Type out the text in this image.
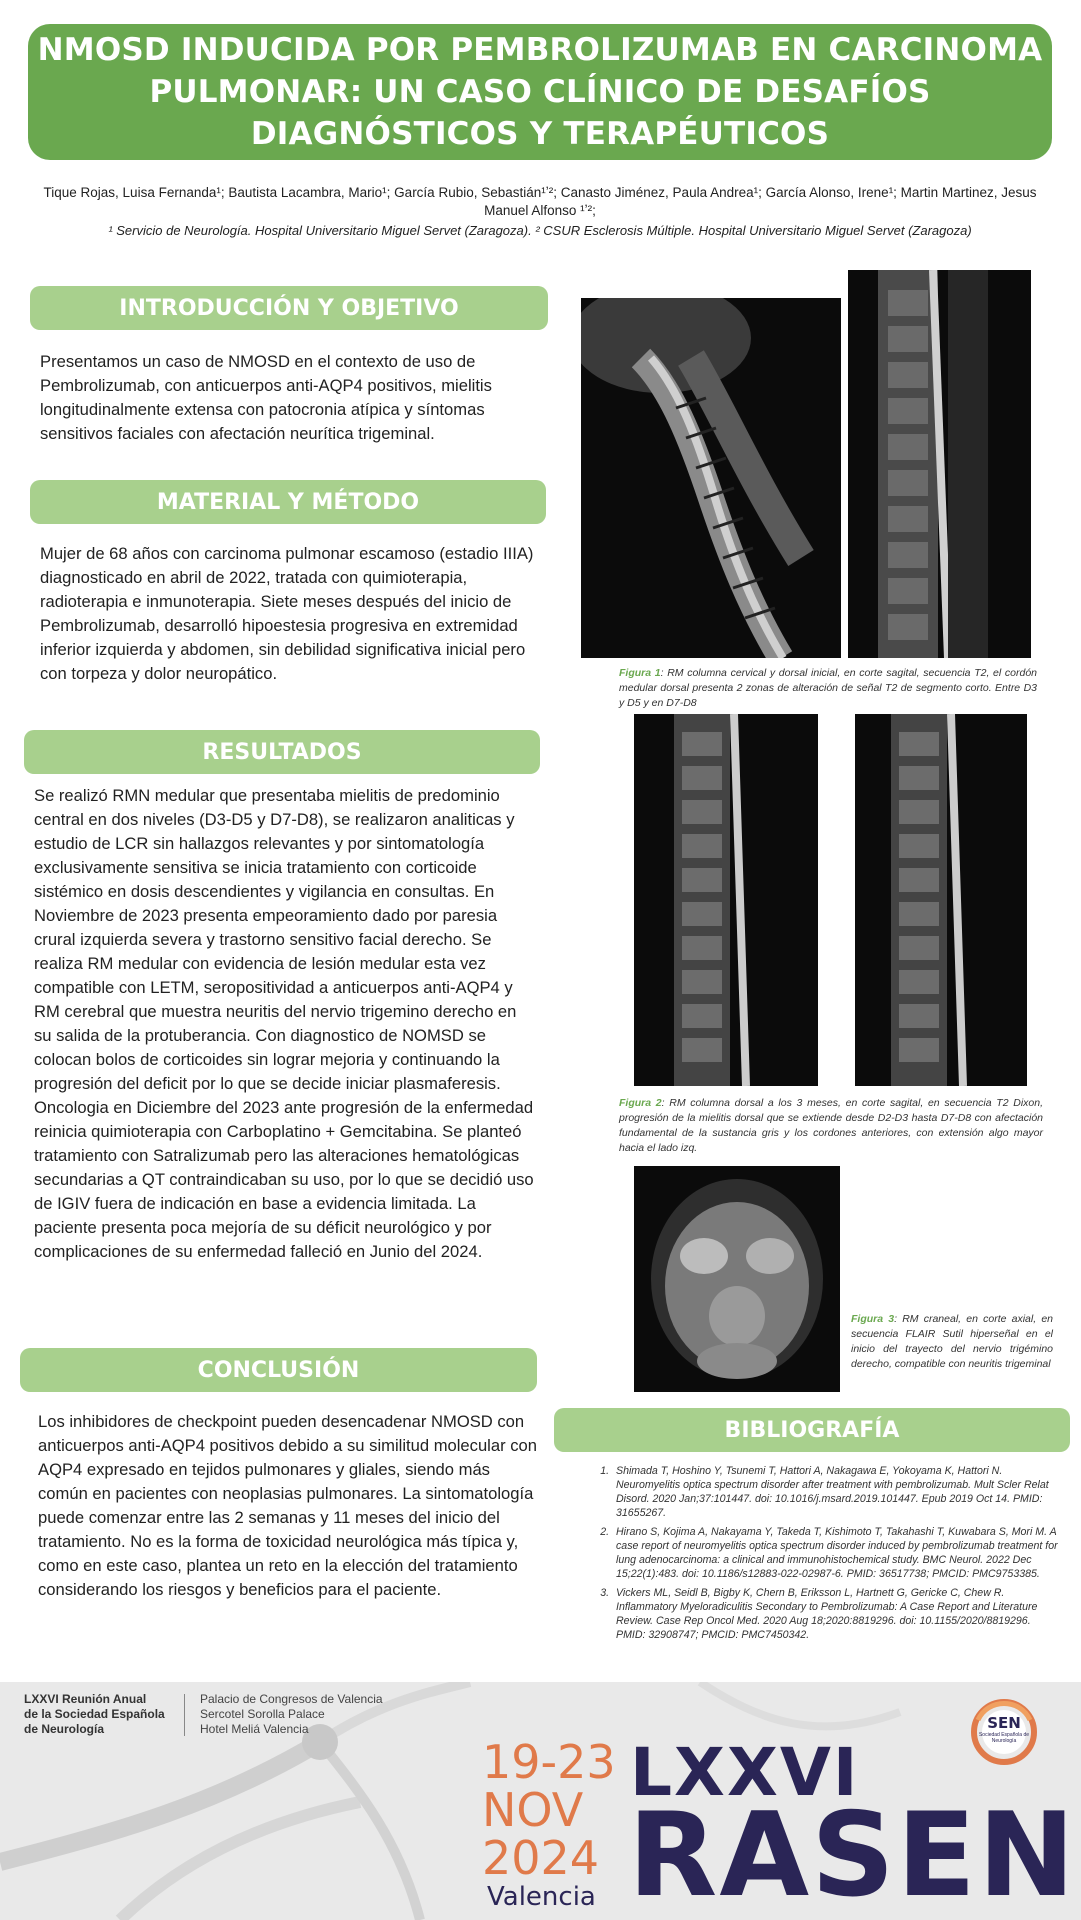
NMOSD INDUCIDA POR PEMBROLIZUMAB EN CARCINOMA PULMONAR: UN CASO CLÍNICO DE DESAFÍOS DIAGNÓSTICOS Y TERAPÉUTICOS
Tique Rojas, Luisa Fernanda¹; Bautista Lacambra, Mario¹; García Rubio, Sebastián¹ʼ²; Canasto Jiménez, Paula Andrea¹; García Alonso, Irene¹; Martin Martinez, Jesus Manuel Alfonso ¹ʼ²;
¹ Servicio de Neurología. Hospital Universitario Miguel Servet (Zaragoza). ² CSUR Esclerosis Múltiple. Hospital Universitario Miguel Servet (Zaragoza)
INTRODUCCIÓN Y OBJETIVO
Presentamos un caso de NMOSD en el contexto de uso de Pembrolizumab, con anticuerpos anti-AQP4 positivos, mielitis longitudinalmente extensa con patocronia atípica y síntomas sensitivos faciales con afectación neurítica trigeminal.
MATERIAL Y MÉTODO
Mujer de 68 años con carcinoma pulmonar escamoso (estadio IIIA) diagnosticado en abril de 2022, tratada con quimioterapia, radioterapia e inmunoterapia. Siete meses después del inicio de Pembrolizumab, desarrolló hipoestesia progresiva en extremidad inferior izquierda y abdomen, sin debilidad significativa inicial pero con torpeza y dolor neuropático.
RESULTADOS
Se realizó RMN medular que presentaba mielitis de predominio central en dos niveles (D3-D5 y D7-D8), se realizaron analiticas y estudio de LCR sin hallazgos relevantes y por sintomatología exclusivamente sensitiva se inicia tratamiento con corticoide sistémico en dosis descendientes y vigilancia en consultas. En Noviembre de 2023 presenta empeoramiento dado por paresia crural izquierda severa y trastorno sensitivo facial derecho. Se realiza RM medular con evidencia de lesión medular esta vez compatible con LETM, seropositividad a anticuerpos anti-AQP4 y RM cerebral que muestra neuritis del nervio trigemino derecho en su salida de la protuberancia. Con diagnostico de NOMSD se colocan bolos de corticoides sin lograr mejoria y continuando la progresión del deficit por lo que se decide iniciar plasmaferesis. Oncologia en Diciembre del 2023 ante progresión de la enfermedad reinicia quimioterapia con Carboplatino + Gemcitabina. Se planteó tratamiento con Satralizumab pero las alteraciones hematológicas secundarias a QT contraindicaban su uso, por lo que se decidió uso de IGIV fuera de indicación en base a evidencia limitada. La paciente presenta poca mejoría de su déficit neurológico y por complicaciones de su enfermedad falleció en Junio del 2024.
CONCLUSIÓN
Los inhibidores de checkpoint pueden desencadenar NMOSD con anticuerpos anti-AQP4 positivos debido a su similitud molecular con AQP4 expresado en tejidos pulmonares y gliales, siendo más común en pacientes con neoplasias pulmonares. La sintomatología puede comenzar entre las 2 semanas y 11 meses del inicio del tratamiento. No es la forma de toxicidad neurológica más típica y, como en este caso, plantea un reto en la elección del tratamiento considerando los riesgos y beneficios para el paciente.
Figura 1: RM columna cervical y dorsal inicial, en corte sagital, secuencia T2, el cordón medular dorsal presenta 2 zonas de alteración de señal T2 de segmento corto. Entre D3 y D5 y en D7-D8
Figura 2: RM columna dorsal a los 3 meses, en corte sagital, en secuencia T2 Dixon, progresión de la mielitis dorsal que se extiende desde D2-D3 hasta D7-D8 con afectación fundamental de la sustancia gris y los cordones anteriores, con extensión algo mayor hacia el lado izq.
Figura 3: RM craneal, en corte axial, en secuencia FLAIR Sutil hiperseñal en el inicio del trayecto del nervio trigémino derecho, compatible con neuritis trigeminal
BIBLIOGRAFÍA
1. Shimada T, Hoshino Y, Tsunemi T, Hattori A, Nakagawa E, Yokoyama K, Hattori N. Neuromyelitis optica spectrum disorder after treatment with pembrolizumab. Mult Scler Relat Disord. 2020 Jan;37:101447. doi: 10.1016/j.msard.2019.101447. Epub 2019 Oct 14. PMID: 31655267.
2. Hirano S, Kojima A, Nakayama Y, Takeda T, Kishimoto T, Takahashi T, Kuwabara S, Mori M. A case report of neuromyelitis optica spectrum disorder induced by pembrolizumab treatment for lung adenocarcinoma: a clinical and immunohistochemical study. BMC Neurol. 2022 Dec 15;22(1):483. doi: 10.1186/s12883-022-02987-6. PMID: 36517738; PMCID: PMC9753385.
3. Vickers ML, Seidl B, Bigby K, Chern B, Eriksson L, Hartnett G, Gericke C, Chew R. Inflammatory Myeloradiculitis Secondary to Pembrolizumab: A Case Report and Literature Review. Case Rep Oncol Med. 2020 Aug 18;2020:8819296. doi: 10.1155/2020/8819296. PMID: 32908747; PMCID: PMC7450342.
LXXVI Reunión Anual
de la Sociedad Española
de Neurología
Palacio de Congresos de Valencia
Sercotel Sorolla Palace
Hotel Meliá Valencia
19-23
NOV
2024
Valencia
LXXVI
RASEN
SEN
Sociedad Española de Neurología
